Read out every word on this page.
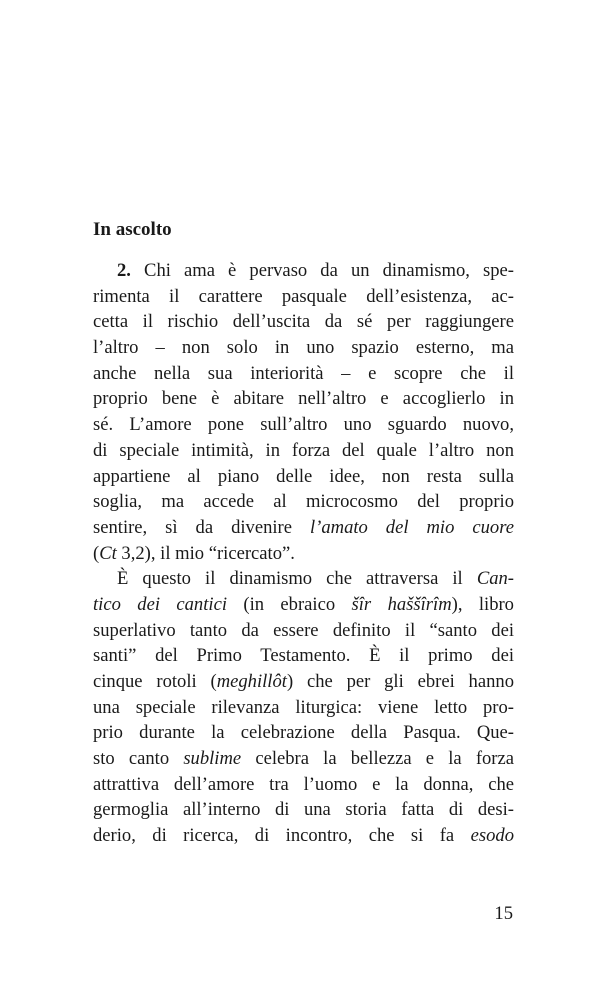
In ascolto
2. Chi ama è pervaso da un dinamismo, spe-
rimenta il carattere pasquale dell’esistenza, ac-
cetta il rischio dell’uscita da sé per raggiungere
l’altro – non solo in uno spazio esterno, ma
anche nella sua interiorità – e scopre che il
proprio bene è abitare nell’altro e accoglierlo in
sé. L’amore pone sull’altro uno sguardo nuovo,
di speciale intimità, in forza del quale l’altro non
appartiene al piano delle idee, non resta sulla
soglia, ma accede al microcosmo del proprio
sentire, sì da divenire l’amato del mio cuore
(Ct 3,2), il mio “ricercato”.
È questo il dinamismo che attraversa il Can-
tico dei cantici (in ebraico šîr haššîrîm), libro
superlativo tanto da essere definito il “santo dei
santi” del Primo Testamento. È il primo dei
cinque rotoli (meghillôt) che per gli ebrei hanno
una speciale rilevanza liturgica: viene letto pro-
prio durante la celebrazione della Pasqua. Que-
sto canto sublime celebra la bellezza e la forza
attrattiva dell’amore tra l’uomo e la donna, che
germoglia all’interno di una storia fatta di desi-
derio, di ricerca, di incontro, che si fa esodo
15
